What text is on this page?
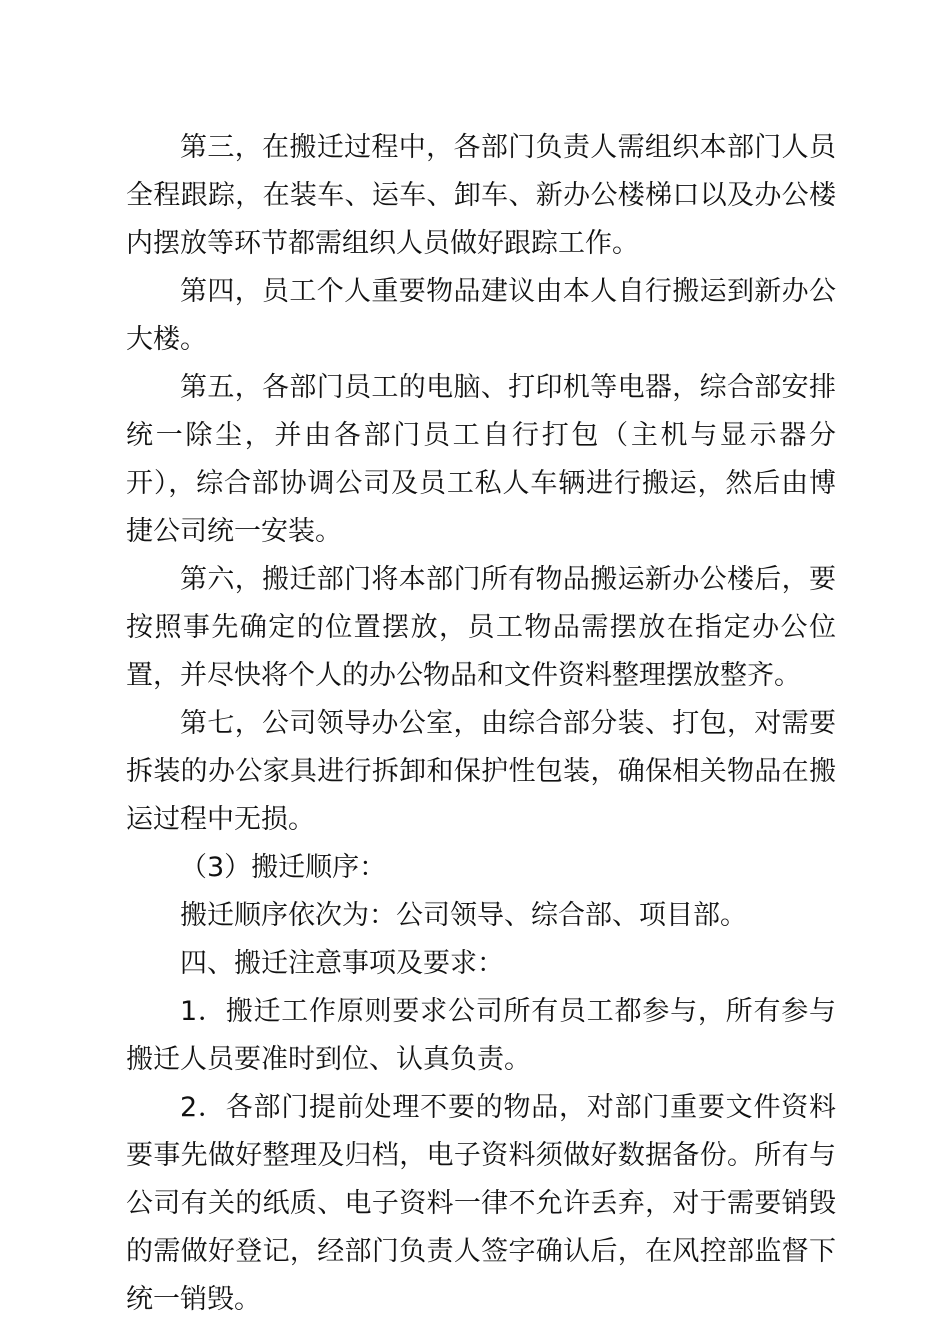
第三，在搬迁过程中，各部门负责人需组织本部门人员全程跟踪，在装车、运车、卸车、新办公楼梯口以及办公楼内摆放等环节都需组织人员做好跟踪工作。

第四，员工个人重要物品建议由本人自行搬运到新办公大楼。

第五，各部门员工的电脑、打印机等电器，综合部安排统一除尘，并由各部门员工自行打包（主机与显示器分开），综合部协调公司及员工私人车辆进行搬运，然后由博捷公司统一安装。

第六，搬迁部门将本部门所有物品搬运新办公楼后，要按照事先确定的位置摆放，员工物品需摆放在指定办公位置，并尽快将个人的办公物品和文件资料整理摆放整齐。

第七，公司领导办公室，由综合部分装、打包，对需要拆装的办公家具进行拆卸和保护性包装，确保相关物品在搬运过程中无损。

（3）搬迁顺序：

搬迁顺序依次为：公司领导、综合部、项目部。

四、搬迁注意事项及要求：

1．搬迁工作原则要求公司所有员工都参与，所有参与搬迁人员要准时到位、认真负责。

2．各部门提前处理不要的物品，对部门重要文件资料要事先做好整理及归档，电子资料须做好数据备份。所有与公司有关的纸质、电子资料一律不允许丢弃，对于需要销毁的需做好登记，经部门负责人签字确认后，在风控部监督下统一销毁。
